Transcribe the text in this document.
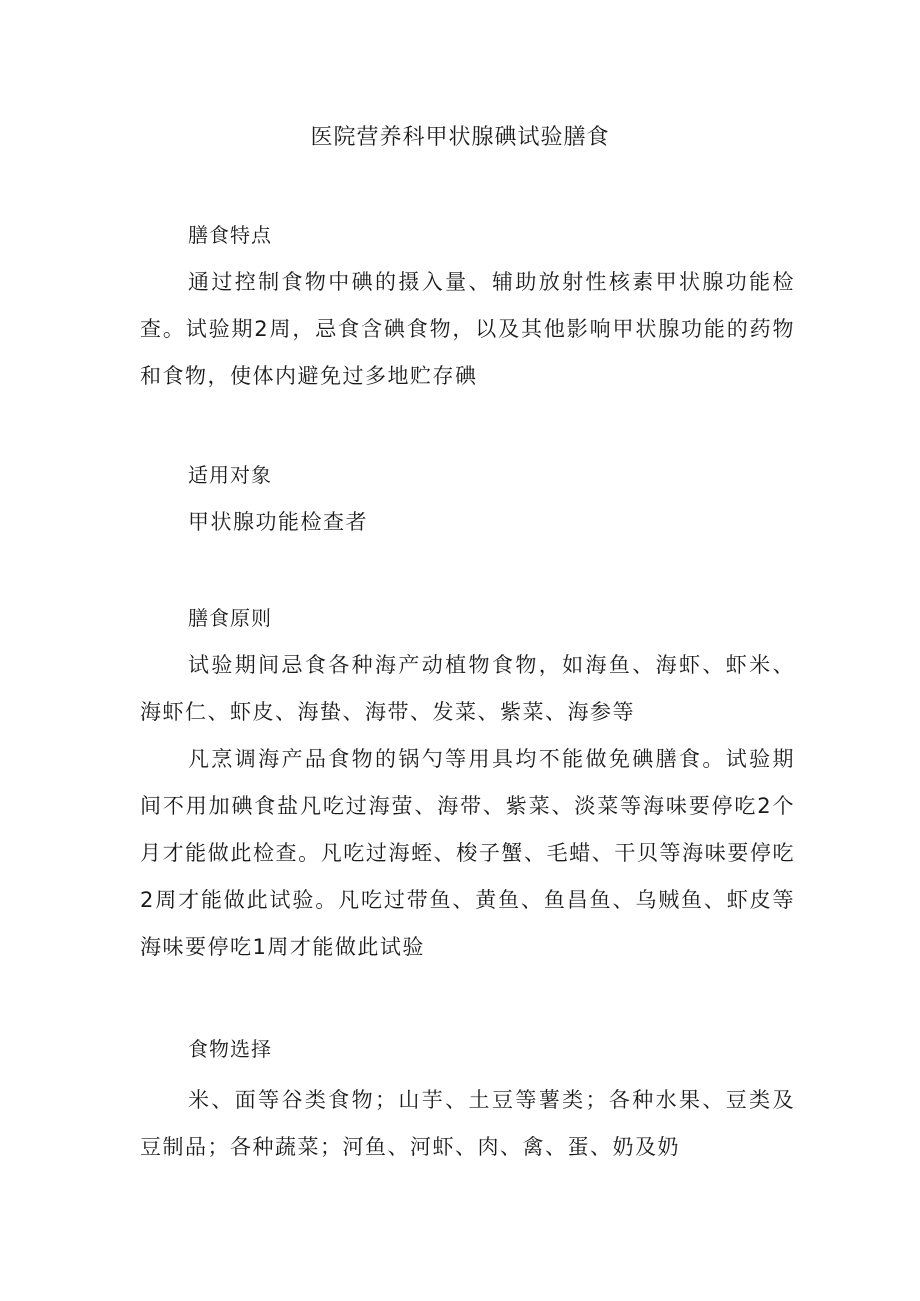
医院营养科甲状腺碘试验膳食
膳食特点

通过控制食物中碘的摄入量、辅助放射性核素甲状腺功能检查。试验期2周，忌食含碘食物，以及其他影响甲状腺功能的药物和食物，使体内避免过多地贮存碘

适用对象

甲状腺功能检查者

膳食原则

试验期间忌食各种海产动植物食物，如海鱼、海虾、虾米、海虾仁、虾皮、海蛰、海带、发菜、紫菜、海参等

凡烹调海产品食物的锅勺等用具均不能做免碘膳食。试验期间不用加碘食盐凡吃过海萤、海带、紫菜、淡菜等海味要停吃2个月才能做此检查。凡吃过海蛭、梭子蟹、毛蜡、干贝等海味要停吃2周才能做此试验。凡吃过带鱼、黄鱼、鱼昌鱼、乌贼鱼、虾皮等海味要停吃1周才能做此试验

食物选择

米、面等谷类食物；山芋、土豆等薯类；各种水果、豆类及豆制品；各种蔬菜；河鱼、河虾、肉、禽、蛋、奶及奶
